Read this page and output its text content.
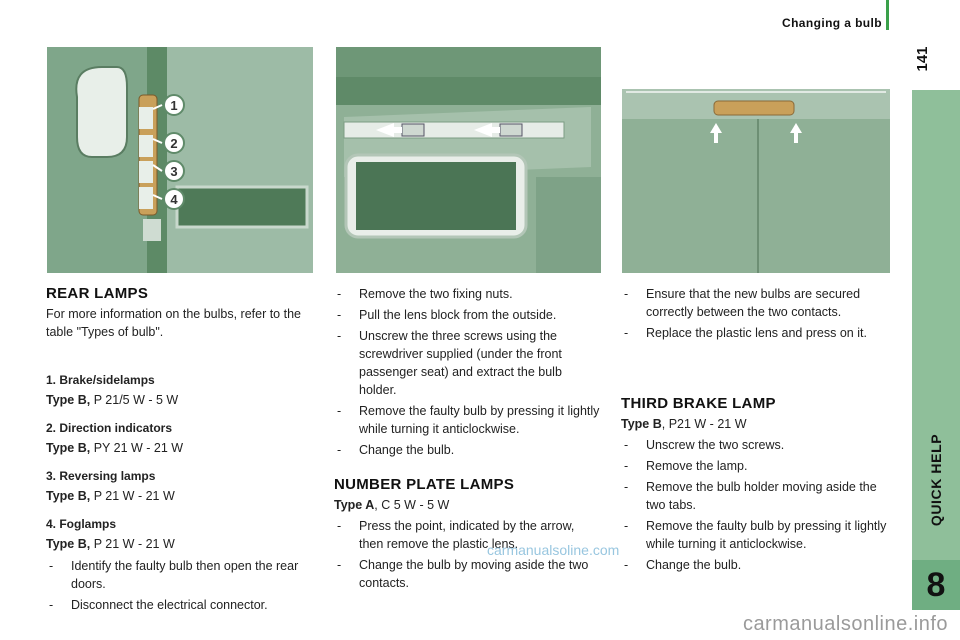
Changing a bulb
141
QUICK HELP
8
1
2
3
4
REAR LAMPS

For more information on the bulbs, refer to the table "Types of bulb".

1. Brake/sidelamps

Type B, P 21/5 W - 5 W

2. Direction indicators

Type B, PY 21 W - 21 W

3. Reversing lamps

Type B, P 21 W - 21 W

4. Foglamps

Type B, P 21 W - 21 W

- Identify the faulty bulb then open the rear doors.
- Disconnect the electrical connector.
- Remove the two fixing nuts.
- Pull the lens block from the outside.
- Unscrew the three screws using the screwdriver supplied (under the front passenger seat) and extract the bulb holder.
- Remove the faulty bulb by pressing it lightly while turning it anticlockwise.
- Change the bulb.
NUMBER PLATE LAMPS

Type A, C 5 W - 5 W

- Press the point, indicated by the arrow, then remove the plastic lens.
- Change the bulb by moving aside the two contacts.
- Ensure that the new bulbs are secured correctly between the two contacts.
- Replace the plastic lens and press on it.
THIRD BRAKE LAMP

Type B, P21 W - 21 W

- Unscrew the two screws.
- Remove the lamp.
- Remove the bulb holder moving aside the two tabs.
- Remove the faulty bulb by pressing it lightly while turning it anticlockwise.
- Change the bulb.
carmanualsoline.com
carmanualsonline.info
